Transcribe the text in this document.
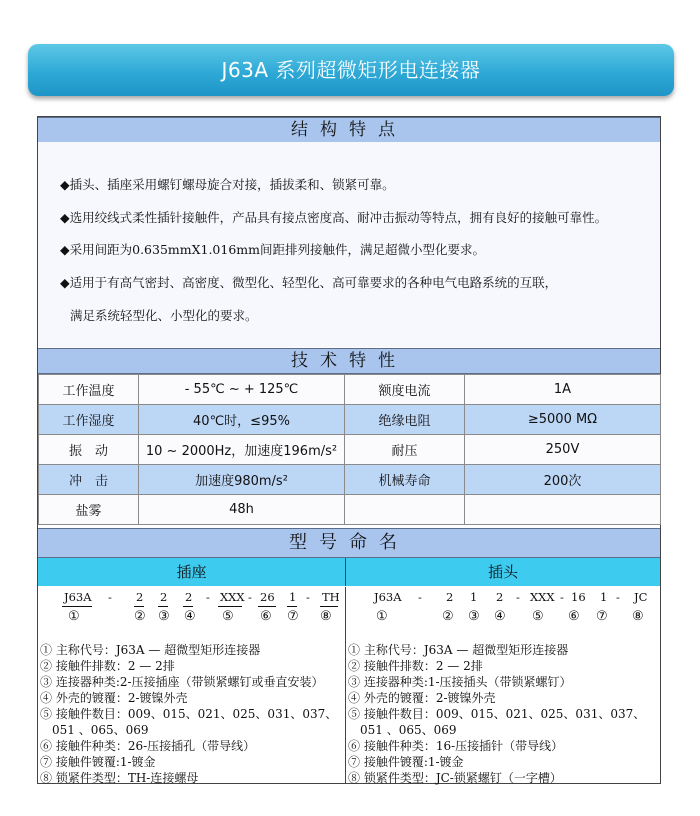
J63A 系列超微矩形电连接器
结构特点
◆插头、插座采用螺钉螺母旋合对接，插拔柔和、锁紧可靠。
◆选用绞线式柔性插针接触件，产品具有接点密度高、耐冲击振动等特点，拥有良好的接触可靠性。
◆采用间距为0.635mmX1.016mm间距排列接触件，满足超微小型化要求。
◆适用于有高气密封、高密度、微型化、轻型化、高可靠要求的各种电气电路系统的互联，
满足系统轻型化、小型化的要求。
技术特性
工作温度	- 55℃ ~ + 125℃	额度电流	1A
工作湿度	40℃时，≤95%	绝缘电阻	≥5000 MΩ
振　动	10 ~ 2000Hz，加速度196m/s²	耐压	250V
冲　击	加速度980m/s²	机械寿命	200次
盐雾	48h		
型号命名
插座	插头
J63A - 2 2 2 - XXX - 26 1 - TH
①	② ③ ④ ⑤ ⑥ ⑦ ⑧
① 主称代号：J63A — 超微型矩形连接器
② 接触件排数：2 — 2排
③ 连接器种类:2-压接插座（带锁紧螺钉或垂直安装）
④ 外壳的镀覆：2-镀镍外壳
⑤ 接触件数目：009、015、021、025、031、037、
　051 、065、069
⑥ 接触件种类：26-压接插孔（带导线）
⑦ 接触件镀覆:1-镀金
⑧ 锁紧件类型：TH-连接螺母
J63A - 2 1 2 - XXX - 16 1 - JC
①	② ③ ④ ⑤ ⑥ ⑦ ⑧
① 主称代号：J63A — 超微型矩形连接器
② 接触件排数：2 — 2排
③ 连接器种类:1-压接插头（带锁紧螺钉）
④ 外壳的镀覆：2-镀镍外壳
⑤ 接触件数目：009、015、021、025、031、037、
　051 、065、069
⑥ 接触件种类：16-压接插针（带导线）
⑦ 接触件镀覆:1-镀金
⑧ 锁紧件类型：JC-锁紧螺钉（一字槽）
